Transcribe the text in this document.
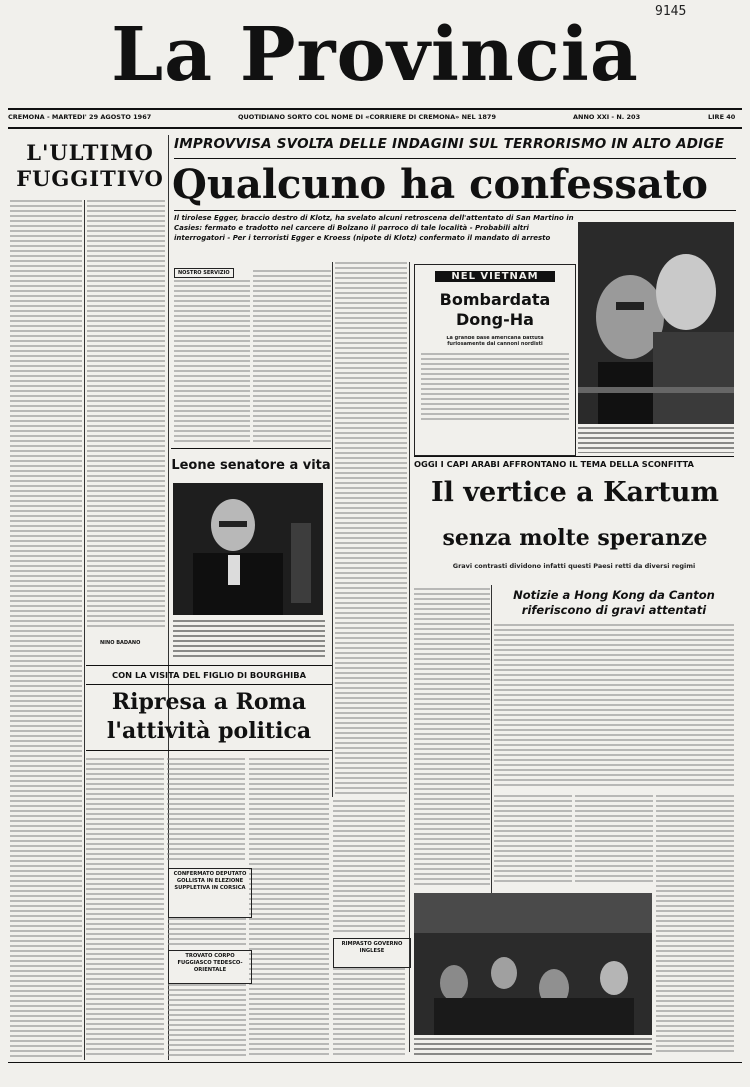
9145
La Provincia
CREMONA - MARTEDI' 29 AGOSTO 1967	QUOTIDIANO SORTO COL NOME DI «CORRIERE DI CREMONA» NEL 1879	ANNO XXI - N. 203	LIRE 40
L'ULTIMO
FUGGITIVO
NINO BADANO
IMPROVVISA SVOLTA DELLE INDAGINI SUL TERRORISMO IN ALTO ADIGE
Qualcuno ha confessato
Il tirolese Egger, braccio destro di Klotz, ha svelato alcuni retroscena dell'attentato di San Martino in Casies: fermato e tradotto nel carcere di Bolzano il parroco di tale località - Probabili altri interrogatori - Per i terroristi Egger e Kroess (nipote di Klotz) confermato il mandato di arresto
NOSTRO SERVIZIO	NEL VIETNAM
Bombardata
Dong-Ha
La grande base americana battuta furiosamente dai cannoni nordisti
OGGI I CAPI ARABI AFFRONTANO IL TEMA DELLA SCONFITTA
Il vertice a Kartum
senza molte speranze
Gravi contrasti dividono infatti questi Paesi retti da diversi regimi
Notizie a Hong Kong da Canton
riferiscono di gravi attentati
Leone senatore a vita
CON LA VISITA DEL FIGLIO DI BOURGHIBA
Ripresa a Roma
l'attività politica
CONFERMATO DEPUTATO GOLLISTA IN ELEZIONE SUPPLETIVA IN CORSICA
TROVATO CORPO FUGGIASCO TEDESCO-ORIENTALE
RIMPASTO GOVERNO INGLESE
